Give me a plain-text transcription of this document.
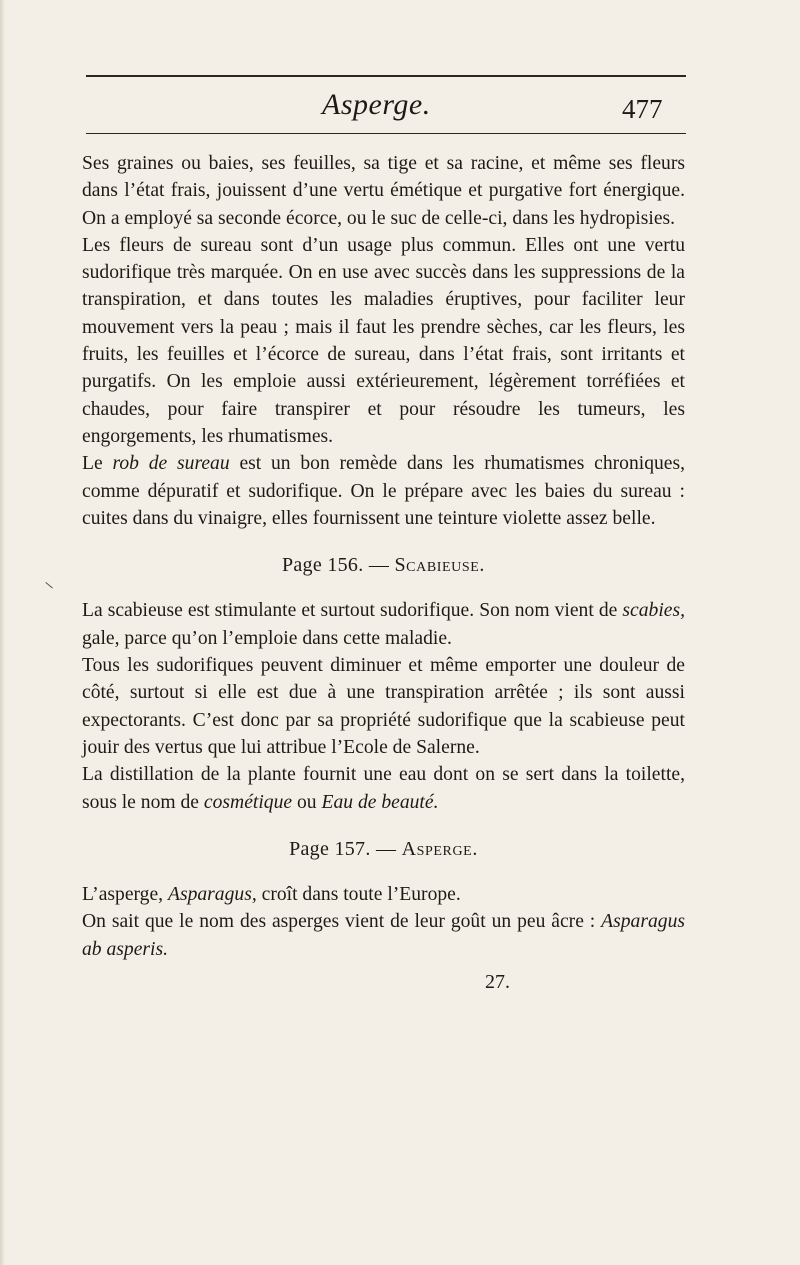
Asperge.	477

Ses graines ou baies, ses feuilles, sa tige et sa racine, et même ses fleurs dans l’état frais, jouissent d’une vertu émétique et purgative fort énergique. On a employé sa seconde écorce, ou le suc de celle-ci, dans les hydropisies.

Les fleurs de sureau sont d’un usage plus commun. Elles ont une vertu sudorifique très marquée. On en use avec succès dans les suppressions de la transpiration, et dans toutes les maladies éruptives, pour faciliter leur mouvement vers la peau ; mais il faut les prendre sèches, car les fleurs, les fruits, les feuilles et l’écorce de sureau, dans l’état frais, sont irritants et purgatifs. On les emploie aussi extérieurement, légèrement torréfiées et chaudes, pour faire transpirer et pour résoudre les tumeurs, les engorgements, les rhumatismes.

Le rob de sureau est un bon remède dans les rhumatismes chroniques, comme dépuratif et sudorifique. On le prépare avec les baies du sureau : cuites dans du vinaigre, elles fournissent une teinture violette assez belle.

Page 156. — Scabieuse.

La scabieuse est stimulante et surtout sudorifique. Son nom vient de scabies, gale, parce qu’on l’emploie dans cette maladie.

Tous les sudorifiques peuvent diminuer et même emporter une douleur de côté, surtout si elle est due à une transpiration arrêtée ; ils sont aussi expectorants. C’est donc par sa propriété sudorifique que la scabieuse peut jouir des vertus que lui attribue l’Ecole de Salerne.

La distillation de la plante fournit une eau dont on se sert dans la toilette, sous le nom de cosmétique ou Eau de beauté.

Page 157. — Asperge.

L’asperge, Asparagus, croît dans toute l’Europe.

On sait que le nom des asperges vient de leur goût un peu âcre : Asparagus ab asperis.

27.
